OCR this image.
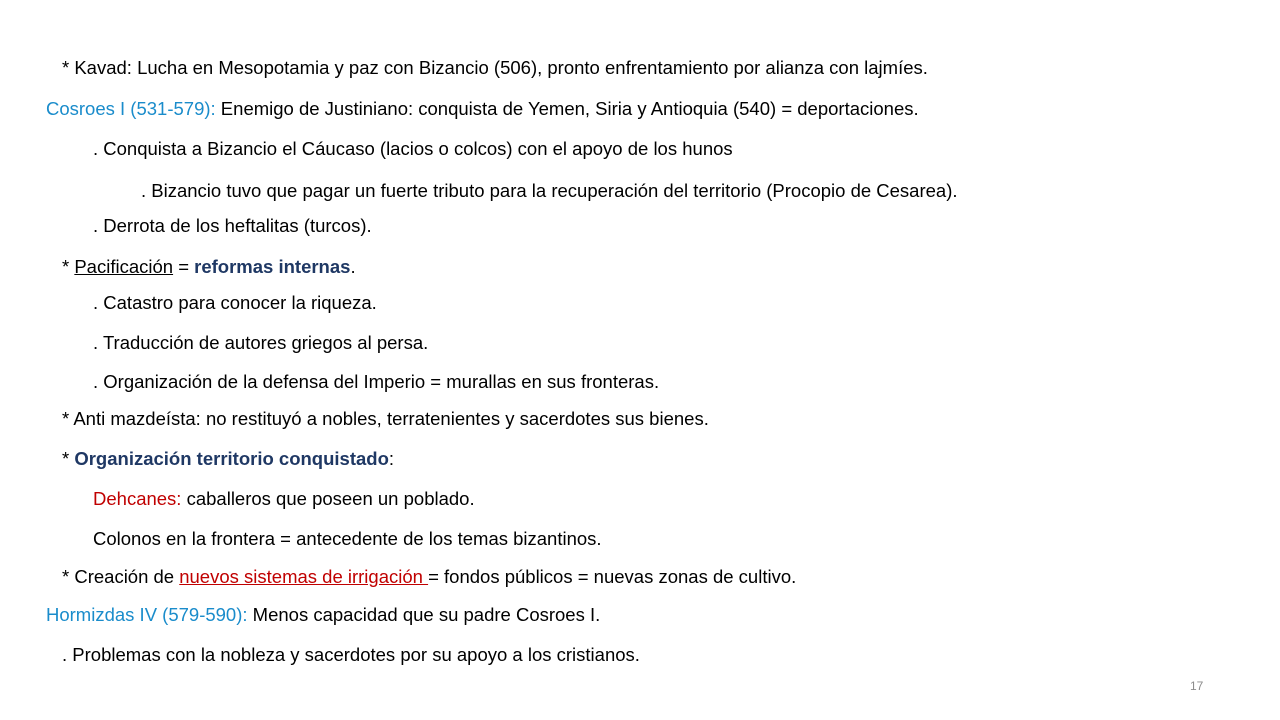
* Kavad: Lucha en Mesopotamia y paz con Bizancio (506), pronto enfrentamiento por alianza con lajmíes.
Cosroes I (531-579): Enemigo de Justiniano: conquista de Yemen, Siria y Antioquia (540) = deportaciones.
. Conquista a Bizancio el Cáucaso (lacios o colcos) con el apoyo de los hunos
. Bizancio tuvo que pagar un fuerte tributo para la recuperación del territorio (Procopio de Cesarea).
. Derrota de los heftalitas (turcos).
* Pacificación = reformas internas.
. Catastro para conocer la riqueza.
. Traducción de autores griegos al persa.
. Organización de la defensa del Imperio = murallas en sus fronteras.
* Anti mazdeísta: no restituyó a nobles, terratenientes y sacerdotes sus bienes.
* Organización territorio conquistado:
Dehcanes: caballeros que poseen un poblado.
Colonos en la frontera = antecedente de los temas bizantinos.
* Creación de nuevos sistemas de irrigación = fondos públicos = nuevas zonas de cultivo.
Hormizdas IV (579-590): Menos capacidad que su padre Cosroes I.
. Problemas con la nobleza y sacerdotes por su apoyo a los cristianos.
17
